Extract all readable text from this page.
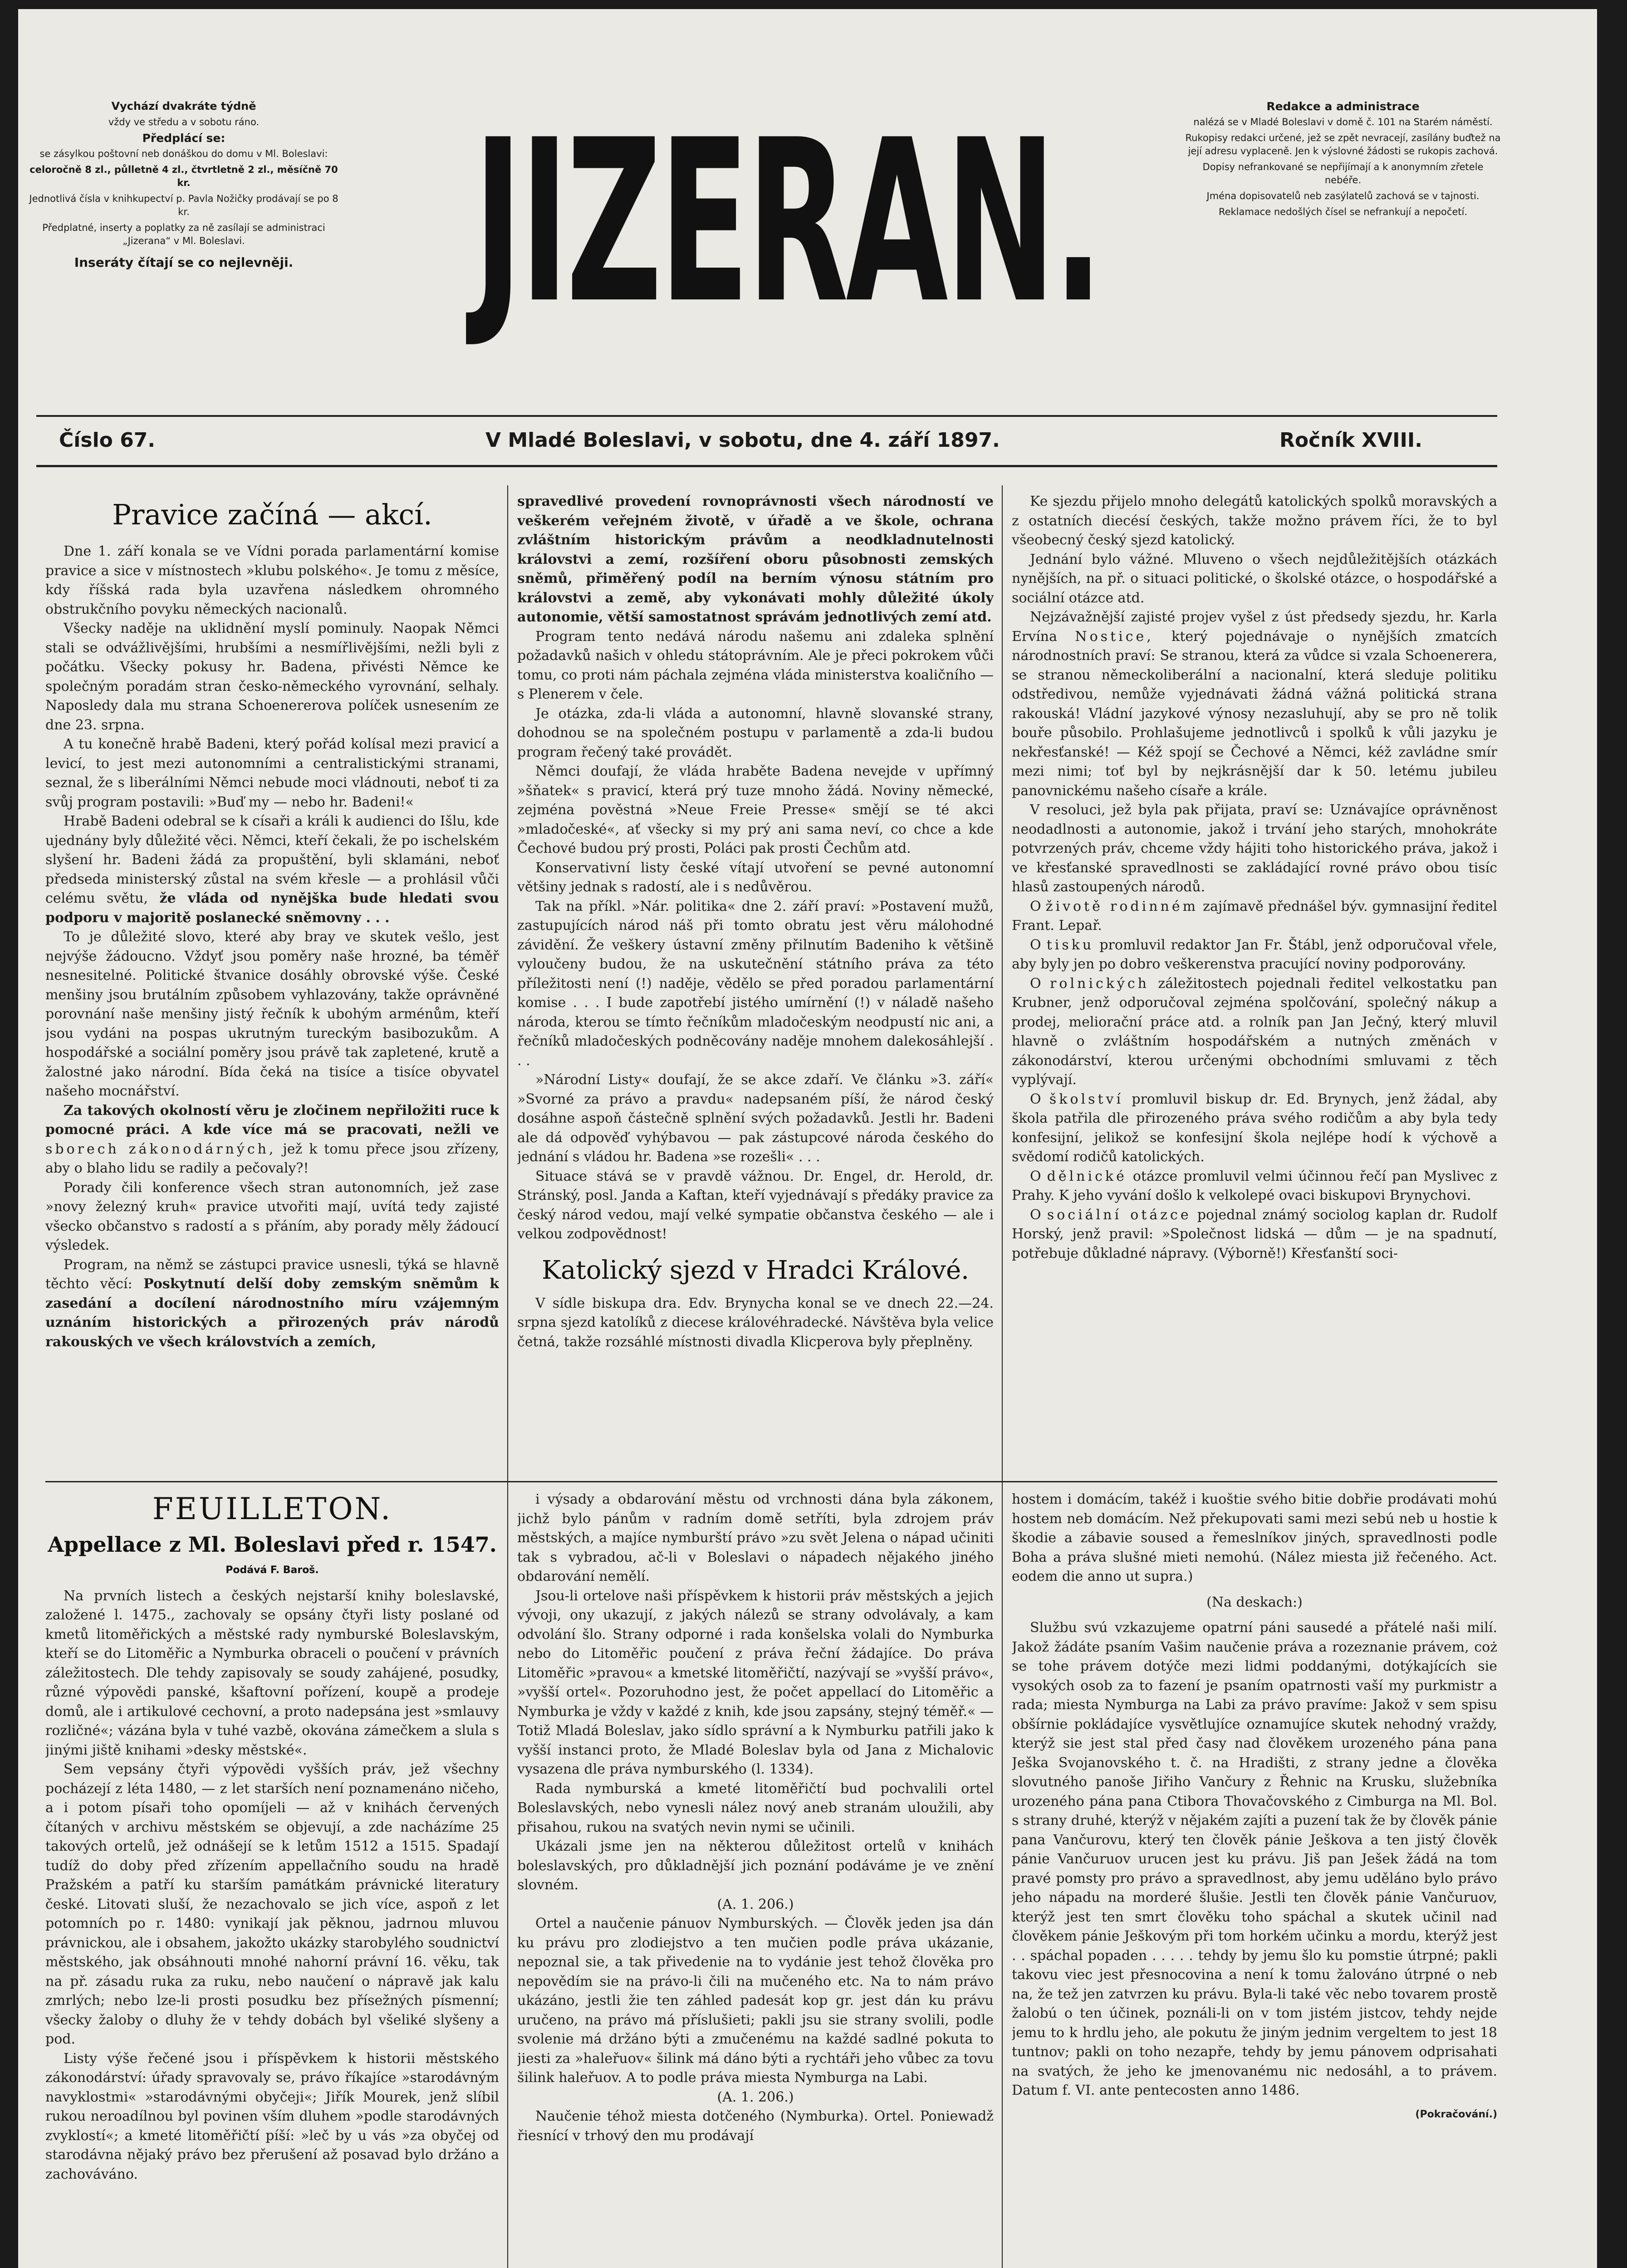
Vychází dvakráte týdně

vždy ve středu a v sobotu ráno.

Předplácí se:

se zásylkou poštovní neb donáškou do domu v Ml. Boleslavi:

celoročně 8 zl., půlletně 4 zl., čtvrtletně 2 zl., měsíčně 70 kr.

Jednotlivá čísla v knihkupectví p. Pavla Nožičky prodávají se po 8 kr.

Předplatné, inserty a poplatky za ně zasílají se administraci „Jizerana“ v Ml. Boleslavi.

Inseráty čítají se co nejlevněji. JIZERAN.	Redakce a administrace

nalézá se v Mladé Boleslavi v domě č. 101 na Starém náměstí.

Rukopisy redakci určené, jež se zpět nevracejí, zasílány buďtež na její adresu vyplaceně. Jen k výslovné žádosti se rukopis zachová.

Dopisy nefrankované se nepřijímají a k anonymním zřetele nebéře.

Jména dopisovatelů neb zasýlatelů zachová se v tajnosti.

Reklamace nedošlých čísel se nefrankují a nepočetí.

Číslo 67.	V Mladé Boleslavi, v sobotu, dne 4. září 1897.	Ročník XVIII.
Pravice začíná — akcí.

Dne 1. září konala se ve Vídni porada parlamentární komise pravice a sice v místnostech »klubu polského«. Je tomu z měsíce, kdy říšská rada byla uzavřena následkem ohromného obstrukčního povyku německých nacionalů.

Všecky naděje na uklidnění myslí pominuly. Naopak Němci stali se odvážlivějšími, hrubšími a nesmířlivějšími, nežli byli z počátku. Všecky pokusy hr. Badena, přivésti Němce ke společným poradám stran česko-německého vyrovnání, selhaly. Naposledy dala mu strana Schoenererova políček usnesením ze dne 23. srpna.

A tu konečně hrabě Badeni, který pořád kolísal mezi pravicí a levicí, to jest mezi autonomními a centralistickými stranami, seznal, že s liberálními Němci nebude moci vládnouti, neboť ti za svůj program postavili: »Buď my — nebo hr. Badeni!«

Hrabě Badeni odebral se k císaři a králi k audienci do Išlu, kde ujednány byly důležité věci. Němci, kteří čekali, že po ischelském slyšení hr. Badeni žádá za propuštění, byli sklamáni, neboť předseda ministerský zůstal na svém křesle — a prohlásil vůči celému světu, že vláda od nynějška bude hledati svou podporu v majoritě poslanecké sněmovny . . .

To je důležité slovo, které aby bray ve skutek vešlo, jest nejvýše žádoucno. Vždyť jsou poměry naše hrozné, ba téměř nesnesitelné. Politické štvanice dosáhly obrovské výše. České menšiny jsou brutálním způsobem vyhlazovány, takže oprávněné porovnání naše menšiny jistý řečník k ubohým arménům, kteří jsou vydáni na pospas ukrutným tureckým basibozukům. A hospodářské a sociální poměry jsou právě tak zapletené, krutě a žalostné jako národní. Bída čeká na tisíce a tisíce obyvatel našeho mocnářství.

Za takových okolností věru je zločinem nepřiložiti ruce k pomocné práci. A kde více má se pracovati, nežli ve sborech zákonodárných, jež k tomu přece jsou zřízeny, aby o blaho lidu se radily a pečovaly?!

Porady čili konference všech stran autonomních, jež zase »novy železný kruh« pravice utvořiti mají, uvítá tedy zajisté všecko občanstvo s radostí a s přáním, aby porady měly žádoucí výsledek.

Program, na němž se zástupci pravice usnesli, týká se hlavně těchto věcí: Poskytnutí delší doby zemským sněmům k zasedání a docílení národnostního míru vzájemným uznáním historických a přirozených práv národů rakouských ve všech královstvích a zemích,

spravedlivé provedení rovnoprávnosti všech národností ve veškerém veřejném životě, v úřadě a ve škole, ochrana zvláštním historickým právům a neodkladnutelnosti královstvi a zemí, rozšíření oboru působnosti zemských sněmů, přiměřený podíl na berním výnosu státním pro královstvi a země, aby vykonávati mohly důležité úkoly autonomie, větší samostatnost správám jednotlivých zemí atd.

Program tento nedává národu našemu ani zdaleka splnění požadavků našich v ohledu státoprávním. Ale je přeci pokrokem vůči tomu, co proti nám páchala zejména vláda ministerstva koaličního — s Plenerem v čele.

Je otázka, zda-li vláda a autonomní, hlavně slovanské strany, dohodnou se na společném postupu v parlamentě a zda-li budou program řečený také provádět.

Němci doufají, že vláda hraběte Badena nevejde v upřímný »šňatek« s pravicí, která prý tuze mnoho žádá. Noviny německé, zejména pověstná »Neue Freie Presse« smějí se té akci »mladočeské«, ať všecky si my prý ani sama neví, co chce a kde Čechové budou prý prosti, Poláci pak prosti Čechům atd.

Konservativní listy české vítají utvoření se pevné autonomní většiny jednak s radostí, ale i s nedůvěrou.

Tak na příkl. »Nár. politika« dne 2. září praví: »Postavení mužů, zastupujících národ náš při tomto obratu jest věru málohodné závidění. Že veškery ústavní změny přilnutím Badeniho k většině vyloučeny budou, že na uskutečnění státního práva za této příležitosti není (!) naděje, vědělo se před poradou parlamentární komise . . . I bude zapotřebí jistého umírnění (!) v náladě našeho národa, kterou se tímto řečníkům mladočeským neodpustí nic ani, a řečníků mladočeských podněcovány naděje mnohem dalekosáhlejší . . .

»Národní Listy« doufají, že se akce zdaří. Ve článku »3. září« »Svorné za právo a pravdu« nadepsaném píší, že národ český dosáhne aspoň částečně splnění svých požadavků. Jestli hr. Badeni ale dá odpověď vyhýbavou — pak zástupcové národa českého do jednání s vládou hr. Badena »se rozešli« . . .

Situace stává se v pravdě vážnou. Dr. Engel, dr. Herold, dr. Stránský, posl. Janda a Kaftan, kteří vyjednávají s předáky pravice za český národ vedou, mají velké sympatie občanstva českého — ale i velkou zodpovědnost!

Katolický sjezd v Hradci Králové.

V sídle biskupa dra. Edv. Brynycha konal se ve dnech 22.—24. srpna sjezd katolíků z diecese královéhradecké. Návštěva byla velice četná, takže rozsáhlé místnosti divadla Klicperova byly přeplněny.

Ke sjezdu přijelo mnoho delegátů katolických spolků moravských a z ostatních diecésí českých, takže možno právem říci, že to byl všeobecný český sjezd katolický.

Jednání bylo vážné. Mluveno o všech nejdůležitějších otázkách nynějších, na př. o situaci politické, o školské otázce, o hospodářské a sociální otázce atd.

Nejzávažnější zajisté projev vyšel z úst předsedy sjezdu, hr. Karla Ervína Nostice, který pojednávaje o nynějších zmatcích národnostních praví: Se stranou, která za vůdce si vzala Schoenerera, se stranou německoliberální a nacionalní, která sleduje politiku odstředivou, nemůže vyjednávati žádná vážná politická strana rakouská! Vládní jazykové výnosy nezasluhují, aby se pro ně tolik bouře působilo. Prohlašujeme jednotlivců i spolků k vůli jazyku je nekřesťanské! — Kéž spojí se Čechové a Němci, kéž zavládne smír mezi nimi; toť byl by nejkrásnější dar k 50. letému jubileu panovnickému našeho císaře a krále.

V resoluci, jež byla pak přijata, praví se: Uznávajíce oprávněnost neodadlnosti a autonomie, jakož i trvání jeho starých, mnohokráte potvrzených práv, chceme vždy hájiti toho historického práva, jakož i ve křesťanské spravedlnosti se zakládající rovné právo obou tisíc hlasů zastoupených národů.

O životě rodinném zajímavě přednášel býv. gymnasijní ředitel Frant. Lepař.

O tisku promluvil redaktor Jan Fr. Štábl, jenž odporučoval vřele, aby byly jen po dobro veškerenstva pracující noviny podporovány.

O rolnických záležitostech pojednali ředitel velkostatku pan Krubner, jenž odporučoval zejména spolčování, společný nákup a prodej, meliorační práce atd. a rolník pan Jan Ječný, který mluvil hlavně o zvláštním hospodářském a nutných změnách v zákonodárství, kterou určenými obchodními smluvami z těch vyplývají.

O školství promluvil biskup dr. Ed. Brynych, jenž žádal, aby škola patřila dle přirozeného práva svého rodičům a aby byla tedy konfesijní, jelikož se konfesijní škola nejlépe hodí k výchově a svědomí rodičů katolických.

O dělnické otázce promluvil velmi účinnou řečí pan Myslivec z Prahy. K jeho vyvání došlo k velkolepé ovaci biskupovi Brynychovi.

O sociální otázce pojednal známý sociolog kaplan dr. Rudolf Horský, jenž pravil: »Společnost lidská — dům — je na spadnutí, potřebuje důkladné nápravy. (Výborně!) Křesťanští soci-

FEUILLETON.
Appellace z Ml. Boleslavi před r. 1547.
Podává F. Baroš.

Na prvních listech a českých nejstarší knihy boleslavské, založené l. 1475., zachovaly se opsány čtyři listy poslané od kmetů litoměřických a městské rady nymburské Boleslavským, kteří se do Litoměřic a Nymburka obraceli o poučení v právních záležitostech. Dle tehdy zapisovaly se soudy zahájené, posudky, různé výpovědi panské, kšaftovní pořízení, koupě a prodeje domů, ale i artikulové cechovní, a proto nadepsána jest »smlauvy rozličné«; vázána byla v tuhé vazbě, okována zámečkem a slula s jinými jiště knihami »desky městské«.

Sem vepsány čtyři výpovědi vyšších práv, jež všechny pocházejí z léta 1480, — z let starších není poznamenáno ničeho, a i potom písaři toho opomíjeli — až v knihách červených čítaných v archivu městském se objevují, a zde nacházíme 25 takových ortelů, jež odnášejí se k letům 1512 a 1515. Spadají tudíž do doby před zřízením appellačního soudu na hradě Pražském a patří ku starším památkám právnické literatury české. Litovati sluší, že nezachovalo se jich více, aspoň z let potomních po r. 1480: vynikají jak pěknou, jadrnou mluvou právnickou, ale i obsahem, jakožto ukázky starobylého soudnictví městského, jak obsáhnouti mnohé nahorní právní 16. věku, tak na př. zásadu ruka za ruku, nebo naučení o nápravě jak kalu zmrlých; nebo lze-li prosti posudku bez přísežných písmenní; všecky žaloby o dluhy že v tehdy dobách byl všeliké slyšeny a pod.

Listy výše řečené jsou i příspěvkem k historii městského zákonodárství: úřady spravovaly se, právo říkajíce »starodávným navyklostmi« »starodávnými obyčeji«; Jiřík Mourek, jenž slíbil rukou neroadílnou byl povinen vším dluhem »podle starodávných zvyklostí«; a kmeté litoměřičtí píší: »leč by u vás »za obyčej od starodávna nějaký právo bez přerušení až posavad bylo držáno a zachováváno.

i výsady a obdarování městu od vrchnosti dána byla zákonem, jichž bylo pánům v radním domě setříti, byla zdrojem práv městských, a majíce nymburští právo »zu svět Jelena o nápad učiniti tak s vybradou, ač-li v Boleslavi o nápadech nějakého jiného obdarování nemělí.

Jsou-li ortelove naši příspěvkem k historii práv městských a jejich vývoji, ony ukazují, z jakých nálezů se strany odvolávaly, a kam odvolání šlo. Strany odporné i rada konšelska volali do Nymburka nebo do Litoměřic poučení z práva řeční žádajíce. Do práva Litoměřic »pravou« a kmetské litoměřičtí, nazývají se »vyšší právo«, »vyšší ortel«. Pozoruhodno jest, že počet appellací do Litoměřic a Nymburka je vždy v každé z knih, kde jsou zapsány, stejný téměř.« — Totiž Mladá Boleslav, jako sídlo správní a k Nymburku patřili jako k vyšší instanci proto, že Mladé Boleslav byla od Jana z Michalovic vysazena dle práva nymburského (l. 1334).

Rada nymburská a kmeté litoměřičtí bud pochvalili ortel Boleslavských, nebo vynesli nález nový aneb stranám uloužili, aby přisahou, rukou na svatých nevin nymi se učinili.

Ukázali jsme jen na některou důležitost ortelů v knihách boleslavských, pro důkladnější jich poznání podáváme je ve znění slovném.

(A. 1. 206.)

Ortel a naučenie pánuov Nymburských. — Člověk jeden jsa dán ku právu pro zlodiejstvo a ten mučien podle práva ukázanie, nepoznal sie, a tak přivedenie na to vydánie jest tehož člověka pro nepovědím sie na právo-li čili na mučeného etc. Na to nám právo ukázáno, jestli žie ten záhled padesát kop gr. jest dán ku právu uručeno, na právo má příslušieti; pakli jsu sie strany svolili, podle svolenie má držáno býti a zmučenému na každé sadlné pokuta to jiesti za »haleřuov« šilink má dáno býti a rychtáři jeho vůbec za tovu šilink haleřuov. A to podle práva miesta Nymburga na Labi.

(A. 1. 206.)

Naučenie téhož miesta dotčeného (Nymburka). Ortel. Poniewadž řiesnící v trhový den mu prodávají

hostem i domácím, takéž i kuoštie svého bitie dobřie prodávati mohú hostem neb domácím. Než překupovati sami mezi sebú neb u hostie k škodie a zábavie soused a řemeslníkov jiných, spravedlnosti podle Boha a práva slušné mieti nemohú. (Nález miesta již řečeného. Act. eodem die anno ut supra.)

(Na deskach:)

Službu svú vzkazujeme opatrní páni sausedé a přátelé naši milí. Jakož žádáte psaním Vašim naučenie práva a rozeznanie právem, coż se tohe právem dotýče mezi lidmi poddanými, dotýkajících sie vysokých osob za to fazení je psaním opatrnosti vaší my purkmistr a rada; miesta Nymburga na Labi za právo pravíme: Jakož v sem spisu obšírnie pokládajíce vysvětlujíce oznamujíce skutek nehodný vraždy, kterýž sie jest stal před časy nad člověkem urozeného pána pana Ješka Svojanovského t. č. na Hradišti, z strany jedne a člověka slovutného panoše Jiřiho Vančury z Řehnic na Krusku, služebníka urozeného pána pana Ctibora Thovačovského z Cimburga na Ml. Bol. s strany druhé, kterýž v nějakém zajíti a puzení tak že by člověk pánie pana Vančurovu, který ten člověk pánie Ješkova a ten jistý člověk pánie Vančuruov urucen jest ku právu. Jiš pan Ješek žádá na tom pravé pomsty pro právo a spravedlnost, aby jemu uděláno bylo právo jeho nápadu na morderé šlušie. Jestli ten člověk pánie Vančuruov, kterýž jest ten smrt člověku toho spáchal a skutek učinil nad člověkem pánie Ješkovým při tom horkém učinku a mordu, kterýž jest . . spáchal popaden . . . . . tehdy by jemu šlo ku pomstie útrpné; pakli takovu viec jest přesnocovina a není k tomu žalováno útrpné o neb na, že tež jen zatvrzen ku právu. Byla-li také věc nebo tovarem prostě žalobú o ten účinek, poználi-li on v tom jistém jistcov, tehdy nejde jemu to k hrdlu jeho, ale pokutu že jiným jednim vergeltem to jest 18 tuntnov; pakli on toho nezapře, tehdy by jemu pánovem odprisahati na svatých, že jeho ke jmenovanému nic nedosáhl, a to právem. Datum f. VI. ante pentecosten anno 1486.

(Pokračování.)
